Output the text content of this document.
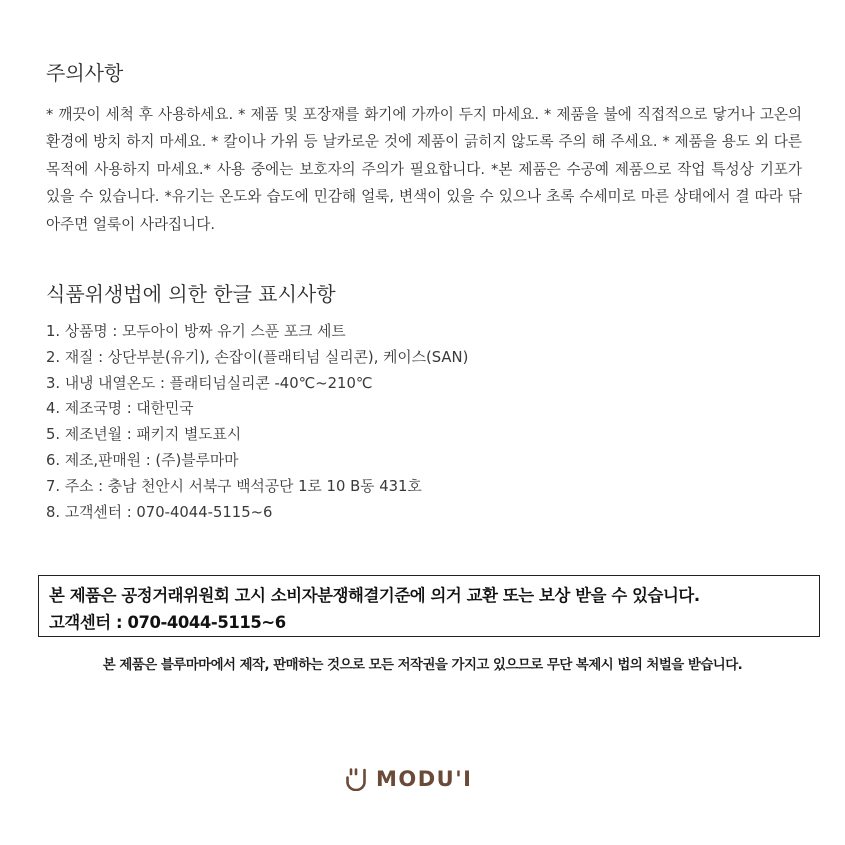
주의사항

* 깨끗이 세척 후 사용하세요. * 제품 및 포장재를 화기에 가까이 두지 마세요. * 제품을 불에 직접적으로 닿거나 고온의 환경에 방치 하지 마세요. * 칼이나 가위 등 날카로운 것에 제품이 긁히지 않도록 주의 해 주세요. * 제품을 용도 외 다른 목적에 사용하지 마세요.* 사용 중에는 보호자의 주의가 필요합니다. *본 제품은 수공예 제품으로 작업 특성상 기포가 있을 수 있습니다. *유기는 온도와 습도에 민감해 얼룩, 변색이 있을 수 있으나 초록 수세미로 마른 상태에서 결 따라 닦아주면 얼룩이 사라집니다.

식품위생법에 의한 한글 표시사항
1. 상품명 : 모두아이 방짜 유기 스푼 포크 세트
2. 재질 : 상단부분(유기), 손잡이(플래티넘 실리콘), 케이스(SAN)
3. 내냉 내열온도 : 플래티넘실리콘 -40℃~210℃
4. 제조국명 : 대한민국
5. 제조년월 : 패키지 별도표시
6. 제조,판매원 : (주)블루마마
7. 주소 : 충남 천안시 서북구 백석공단 1로 10 B동 431호
8. 고객센터 : 070-4044-5115~6
본 제품은 공정거래위원회 고시 소비자분쟁해결기준에 의거 교환 또는 보상 받을 수 있습니다.
고객센터 : 070-4044-5115~6
본 제품은 블루마마에서 제작, 판매하는 것으로 모든 저작권을 가지고 있으므로 무단 복제시 법의 처벌을 받습니다.
MODU'I
